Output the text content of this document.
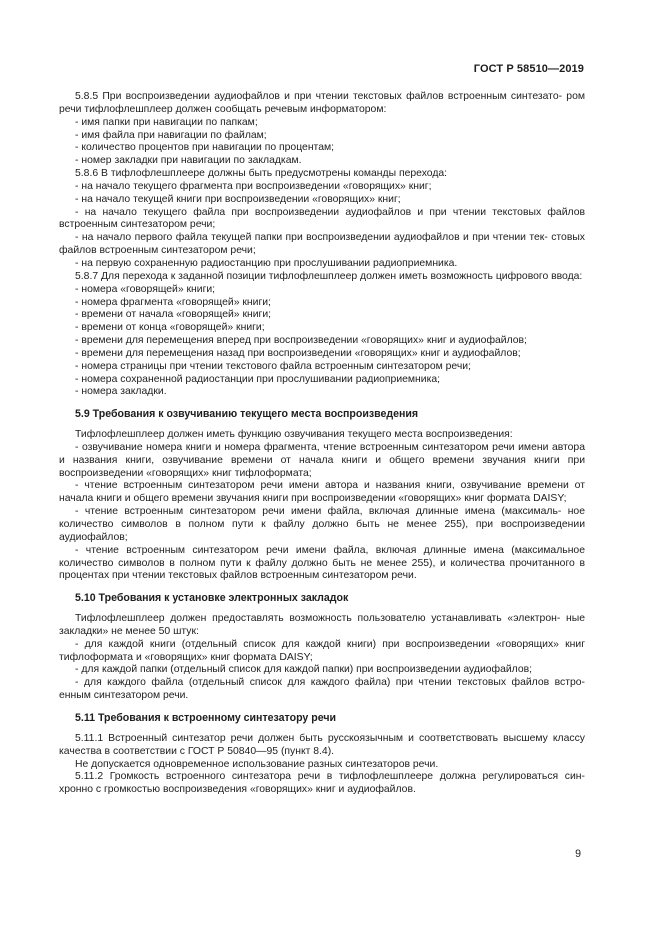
ГОСТ Р 58510—2019

5.8.5 При воспроизведении аудиофайлов и при чтении текстовых файлов встроенным синтезато- ром речи тифлофлешплеер должен сообщать речевым информатором:

- имя папки при навигации по папкам;

- имя файла при навигации по файлам;

- количество процентов при навигации по процентам;

- номер закладки при навигации по закладкам.

5.8.6 В тифлофлешплеере должны быть предусмотрены команды перехода:

- на начало текущего фрагмента при воспроизведении «говорящих» книг;

- на начало текущей книги при воспроизведении «говорящих» книг;

- на начало текущего файла при воспроизведении аудиофайлов и при чтении текстовых файлов встроенным синтезатором речи;

- на начало первого файла текущей папки при воспроизведении аудиофайлов и при чтении тек- стовых файлов встроенным синтезатором речи;

- на первую сохраненную радиостанцию при прослушивании радиоприемника.

5.8.7 Для перехода к заданной позиции тифлофлешплеер должен иметь возможность цифрового ввода:

- номера «говорящей» книги;

- номера фрагмента «говорящей» книги;

- времени от начала «говорящей» книги;

- времени от конца «говорящей» книги;

- времени для перемещения вперед при воспроизведении «говорящих» книг и аудиофайлов;

- времени для перемещения назад при воспроизведении «говорящих» книг и аудиофайлов;

- номера страницы при чтении текстового файла встроенным синтезатором речи;

- номера сохраненной радиостанции при прослушивании радиоприемника;

- номера закладки.

5.9 Требования к озвучиванию текущего места воспроизведения

Тифлофлешплеер должен иметь функцию озвучивания текущего места воспроизведения:

- озвучивание номера книги и номера фрагмента, чтение встроенным синтезатором речи имени автора и названия книги, озвучивание времени от начала книги и общего времени звучания книги при воспроизведении «говорящих» книг тифлоформата;

- чтение встроенным синтезатором речи имени автора и названия книги, озвучивание времени от начала книги и общего времени звучания книги при воспроизведении «говорящих» книг формата DAISY;

- чтение встроенным синтезатором речи имени файла, включая длинные имена (максималь- ное количество символов в полном пути к файлу должно быть не менее 255), при воспроизведении аудиофайлов;

- чтение встроенным синтезатором речи имени файла, включая длинные имена (максимальное количество символов в полном пути к файлу должно быть не менее 255), и количества прочитанного в процентах при чтении текстовых файлов встроенным синтезатором речи.

5.10 Требования к установке электронных закладок

Тифлофлешплеер должен предоставлять возможность пользователю устанавливать «электрон- ные закладки» не менее 50 штук:

- для каждой книги (отдельный список для каждой книги) при воспроизведении «говорящих» книг тифлоформата и «говорящих» книг формата DAISY;

- для каждой папки (отдельный список для каждой папки) при воспроизведении аудиофайлов;

- для каждого файла (отдельный список для каждого файла) при чтении текстовых файлов встро- енным синтезатором речи.

5.11 Требования к встроенному синтезатору речи

5.11.1 Встроенный синтезатор речи должен быть русскоязычным и соответствовать высшему классу качества в соответствии с ГОСТ Р 50840—95 (пункт 8.4).

Не допускается одновременное использование разных синтезаторов речи.

5.11.2 Громкость встроенного синтезатора речи в тифлофлешплеере должна регулироваться син- хронно с громкостью воспроизведения «говорящих» книг и аудиофайлов.

9
